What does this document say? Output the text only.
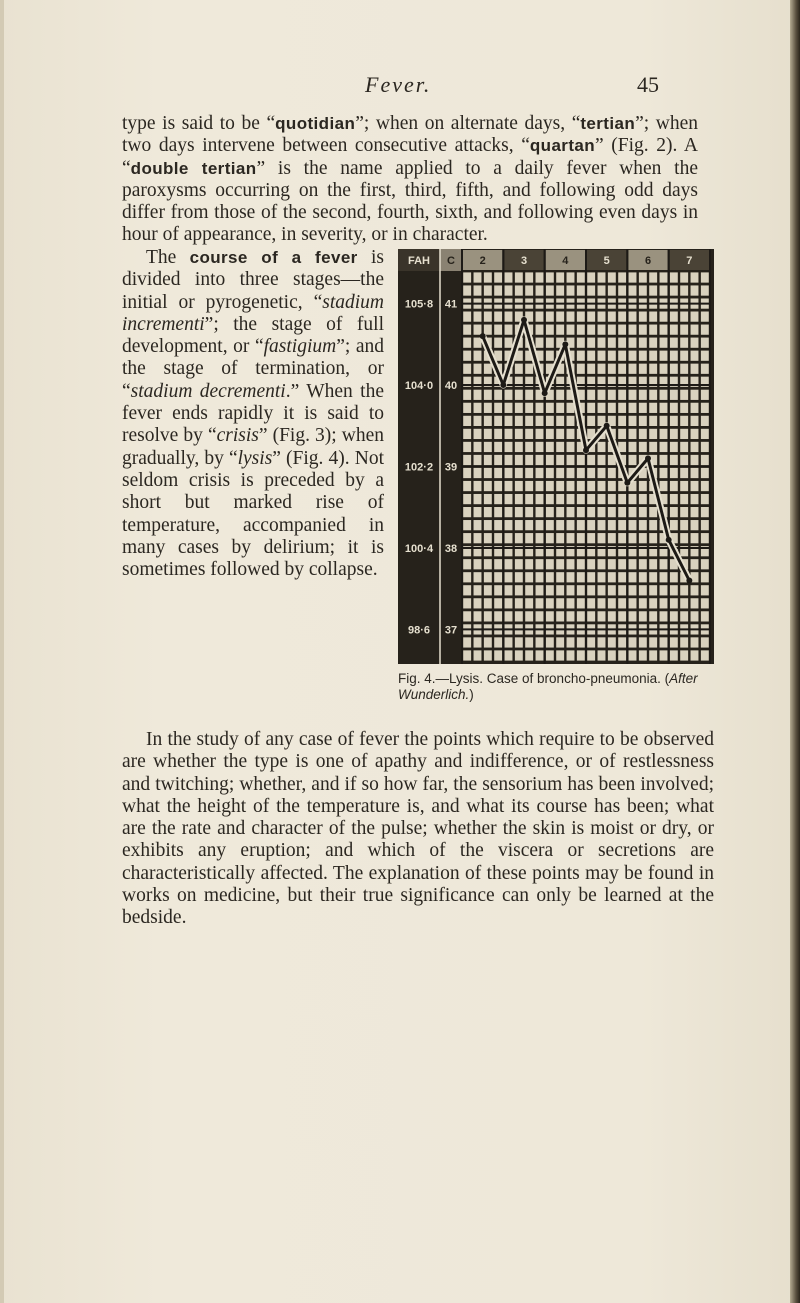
Fever.	45

type is said to be “quotidian”; when on alternate days, “tertian”; when two days intervene between consecutive attacks, “quartan” (Fig. 2). A “double tertian” is the name applied to a daily fever when the paroxysms occurring on the first, third, fifth, and following odd days differ from those of the second, fourth, sixth, and following even days in hour of appearance, in severity, or in character.

FAH C 2	3	4	5	6	7
105·8 41
104·0 40
102·2 39
100·4 38
98·6 37
Fig. 4.—Lysis. Case of broncho-pneumonia. (After Wunderlich.)

The course of a fever is divided into three stages—the initial or pyrogenetic, “stadium incrementi”; the stage of full development, or “fastigium”; and the stage of termination, or “stadium decrementi.” When the fever ends rapidly it is said to resolve by “crisis” (Fig. 3); when gradually, by “lysis” (Fig. 4). Not seldom crisis is preceded by a short but marked rise of temperature, accompanied in many cases by delirium; it is sometimes followed by collapse.

In the study of any case of fever the points which require to be observed are whether the type is one of apathy and indifference, or of restlessness and twitching; whether, and if so how far, the sensorium has been involved; what the height of the temperature is, and what its course has been; what are the rate and character of the pulse; whether the skin is moist or dry, or exhibits any eruption; and which of the viscera or secretions are characteristically affected. The explanation of these points may be found in works on medicine, but their true significance can only be learned at the bedside.
